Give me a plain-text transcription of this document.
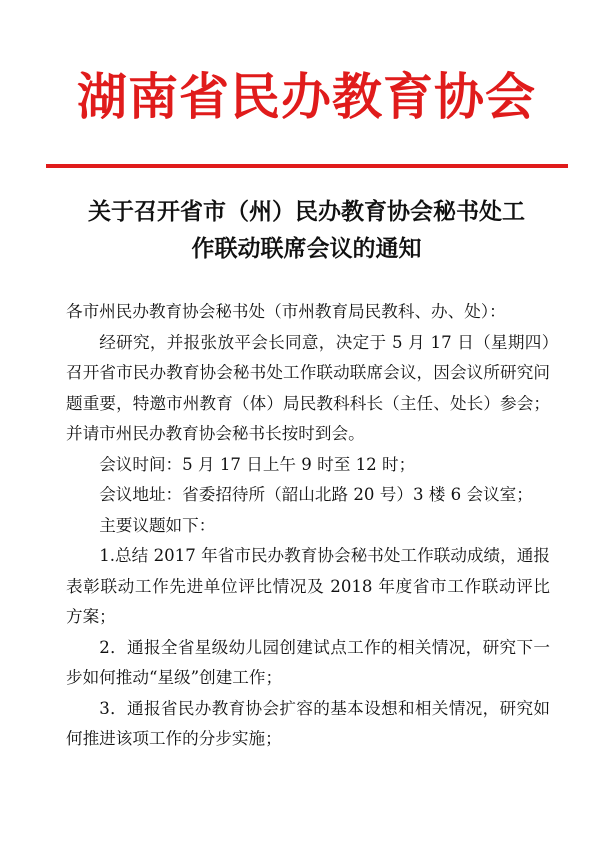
湖南省民办教育协会
关于召开省市（州）民办教育协会秘书处工
作联动联席会议的通知

各市州民办教育协会秘书处（市州教育局民教科、办、处）：

经研究，并报张放平会长同意，决定于 5 月 17 日（星期四）召开省市民办教育协会秘书处工作联动联席会议，因会议所研究问题重要，特邀市州教育（体）局民教科科长（主任、处长）参会；并请市州民办教育协会秘书长按时到会。

会议时间：5 月 17 日上午 9 时至 12 时；

会议地址：省委招待所（韶山北路 20 号）3 楼 6 会议室；

主要议题如下：

1.总结 2017 年省市民办教育协会秘书处工作联动成绩，通报表彰联动工作先进单位评比情况及 2018 年度省市工作联动评比方案；

2．通报全省星级幼儿园创建试点工作的相关情况，研究下一步如何推动“星级”创建工作；

3．通报省民办教育协会扩容的基本设想和相关情况，研究如何推进该项工作的分步实施；
